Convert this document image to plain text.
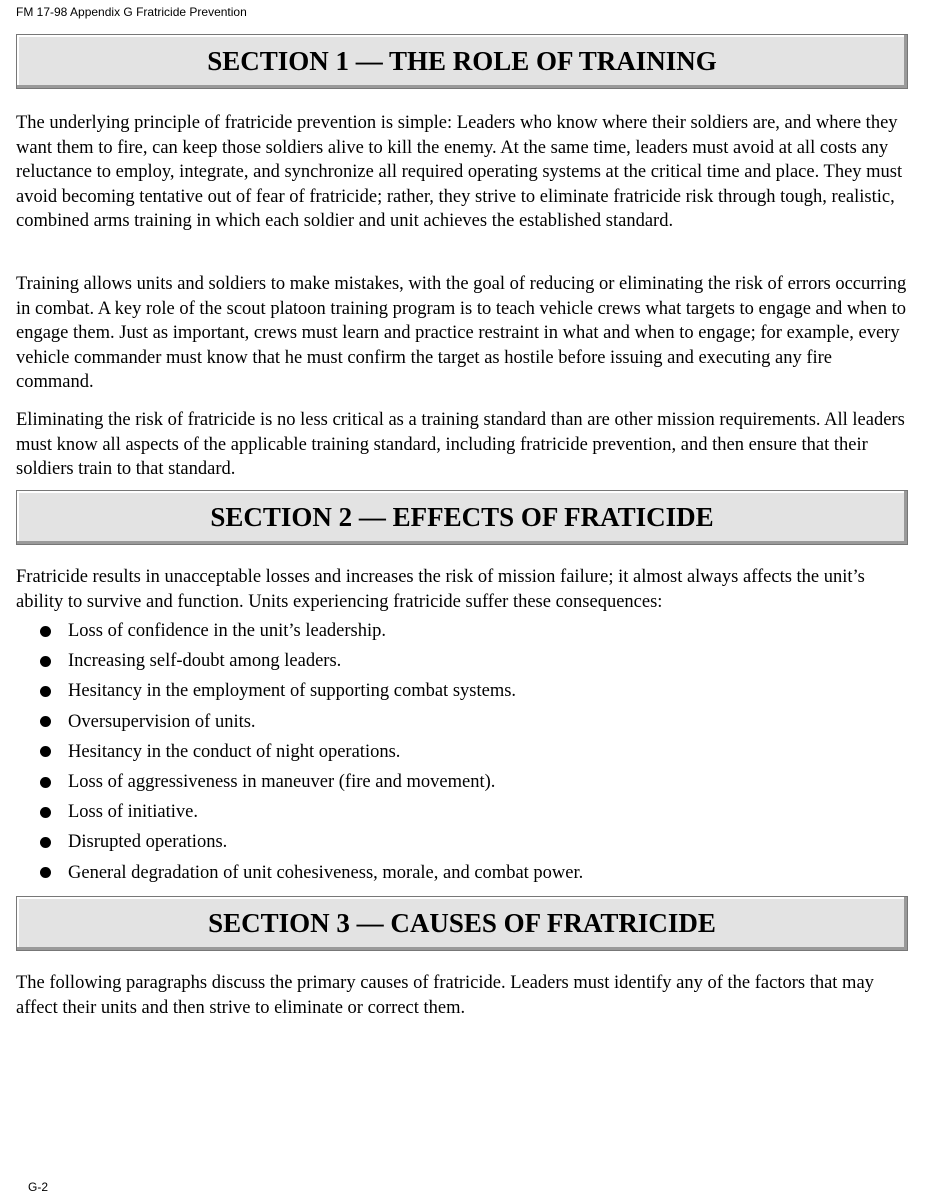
FM 17-98 Appendix G Fratricide Prevention
SECTION 1 — THE ROLE OF TRAINING

The underlying principle of fratricide prevention is simple: Leaders who know where their soldiers are, and where they want them to fire, can keep those soldiers alive to kill the enemy. At the same time, leaders must avoid at all costs any reluctance to employ, integrate, and synchronize all required operating systems at the critical time and place. They must avoid becoming tentative out of fear of fratricide; rather, they strive to eliminate fratricide risk through tough, realistic, combined arms training in which each soldier and unit achieves the established standard.

Training allows units and soldiers to make mistakes, with the goal of reducing or eliminating the risk of errors occurring in combat. A key role of the scout platoon training program is to teach vehicle crews what targets to engage and when to engage them. Just as important, crews must learn and practice restraint in what and when to engage; for example, every vehicle commander must know that he must confirm the target as hostile before issuing and executing any fire command.

Eliminating the risk of fratricide is no less critical as a training standard than are other mission requirements. All leaders must know all aspects of the applicable training standard, including fratricide prevention, and then ensure that their soldiers train to that standard.

SECTION 2 — EFFECTS OF FRATICIDE

Fratricide results in unacceptable losses and increases the risk of mission failure; it almost always affects the unit’s ability to survive and function. Units experiencing fratricide suffer these consequences:

Loss of confidence in the unit’s leadership.
Increasing self-doubt among leaders.
Hesitancy in the employment of supporting combat systems.
Oversupervision of units.
Hesitancy in the conduct of night operations.
Loss of aggressiveness in maneuver (fire and movement).
Loss of initiative.
Disrupted operations.
General degradation of unit cohesiveness, morale, and combat power.
SECTION 3 — CAUSES OF FRATRICIDE

The following paragraphs discuss the primary causes of fratricide. Leaders must identify any of the factors that may affect their units and then strive to eliminate or correct them.

G-2
